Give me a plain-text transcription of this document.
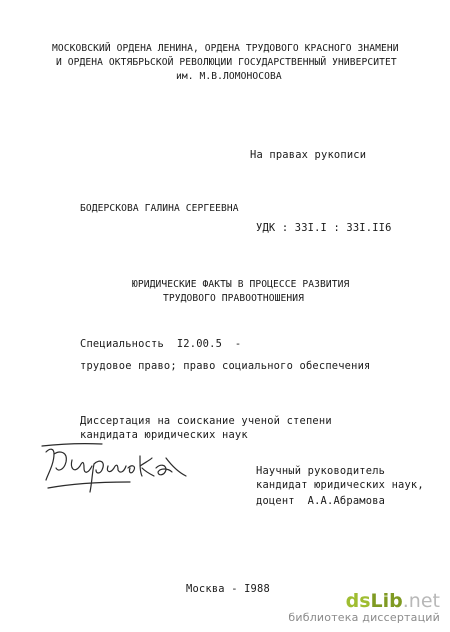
МОСКОВСКИЙ ОРДЕНА ЛЕНИНА, ОРДЕНА ТРУДОВОГО КРАСНОГО ЗНАМЕНИ
И ОРДЕНА ОКТЯБРЬСКОЙ РЕВОЛЮЦИИ ГОСУДАРСТВЕННЫЙ УНИВЕРСИТЕТ
им. М.В.ЛОМОНОСОВА
На правах рукописи
БОДЕРСКОВА ГАЛИНА СЕРГЕЕВНА
УДК : 33I.I : 33I.II6
ЮРИДИЧЕСКИЕ ФАКТЫ В ПРОЦЕССЕ РАЗВИТИЯ
ТРУДОВОГО ПРАВООТНОШЕНИЯ
Специальность  I2.00.5  -
трудовое право; право социального обеспечения
Диссертация на соискание ученой степени
кандидата юридических наук
Научный руководитель
кандидат юридических наук,
доцент  А.А.Абрамова
Москва - I988
dsLib.net
библиотека диссертаций
